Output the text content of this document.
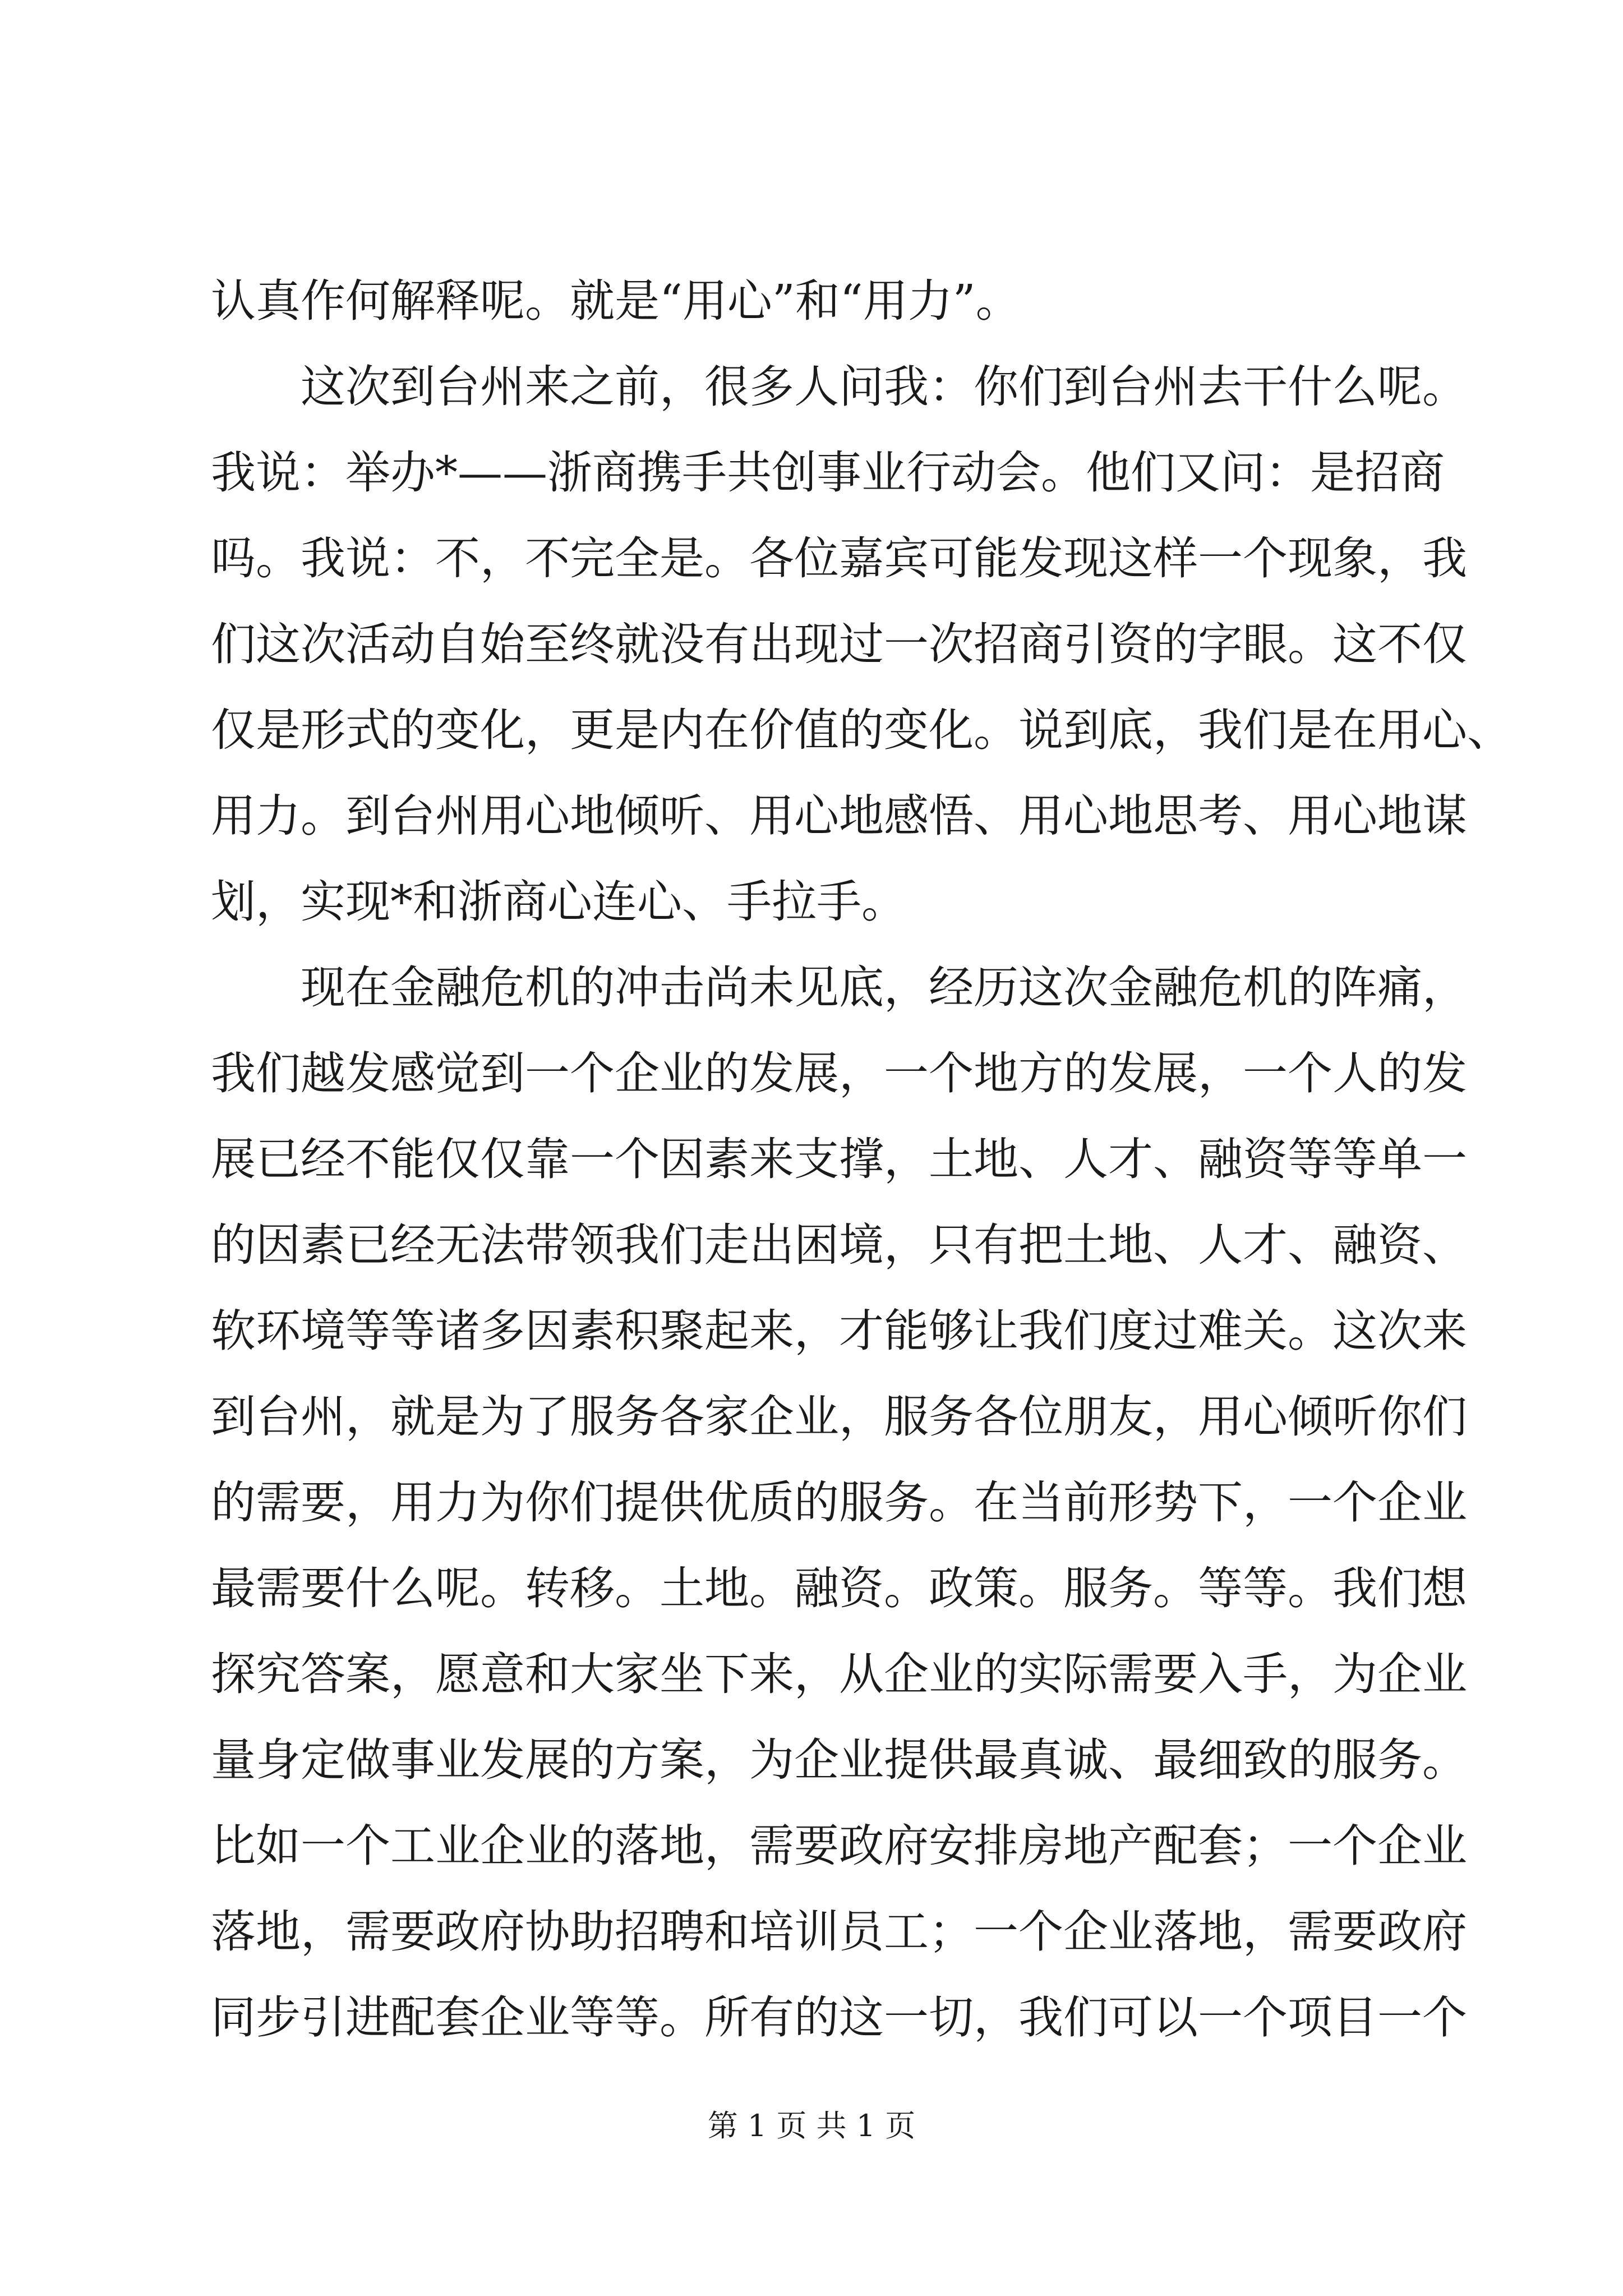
认真作何解释呢。就是“用心”和“用力”。
这次到台州来之前，很多人问我：你们到台州去干什么呢。
我说：举办*——浙商携手共创事业行动会。他们又问：是招商
吗。我说：不，不完全是。各位嘉宾可能发现这样一个现象，我
们这次活动自始至终就没有出现过一次招商引资的字眼。这不仅
仅是形式的变化，更是内在价值的变化。说到底，我们是在用心、
用力。到台州用心地倾听、用心地感悟、用心地思考、用心地谋
划，实现*和浙商心连心、手拉手。
现在金融危机的冲击尚未见底，经历这次金融危机的阵痛，
我们越发感觉到一个企业的发展，一个地方的发展，一个人的发
展已经不能仅仅靠一个因素来支撑，土地、人才、融资等等单一
的因素已经无法带领我们走出困境，只有把土地、人才、融资、
软环境等等诸多因素积聚起来，才能够让我们度过难关。这次来
到台州，就是为了服务各家企业，服务各位朋友，用心倾听你们
的需要，用力为你们提供优质的服务。在当前形势下，一个企业
最需要什么呢。转移。土地。融资。政策。服务。等等。我们想
探究答案，愿意和大家坐下来，从企业的实际需要入手，为企业
量身定做事业发展的方案，为企业提供最真诚、最细致的服务。
比如一个工业企业的落地，需要政府安排房地产配套；一个企业
落地，需要政府协助招聘和培训员工；一个企业落地，需要政府
同步引进配套企业等等。所有的这一切，我们可以一个项目一个
第 1 页 共 1 页
